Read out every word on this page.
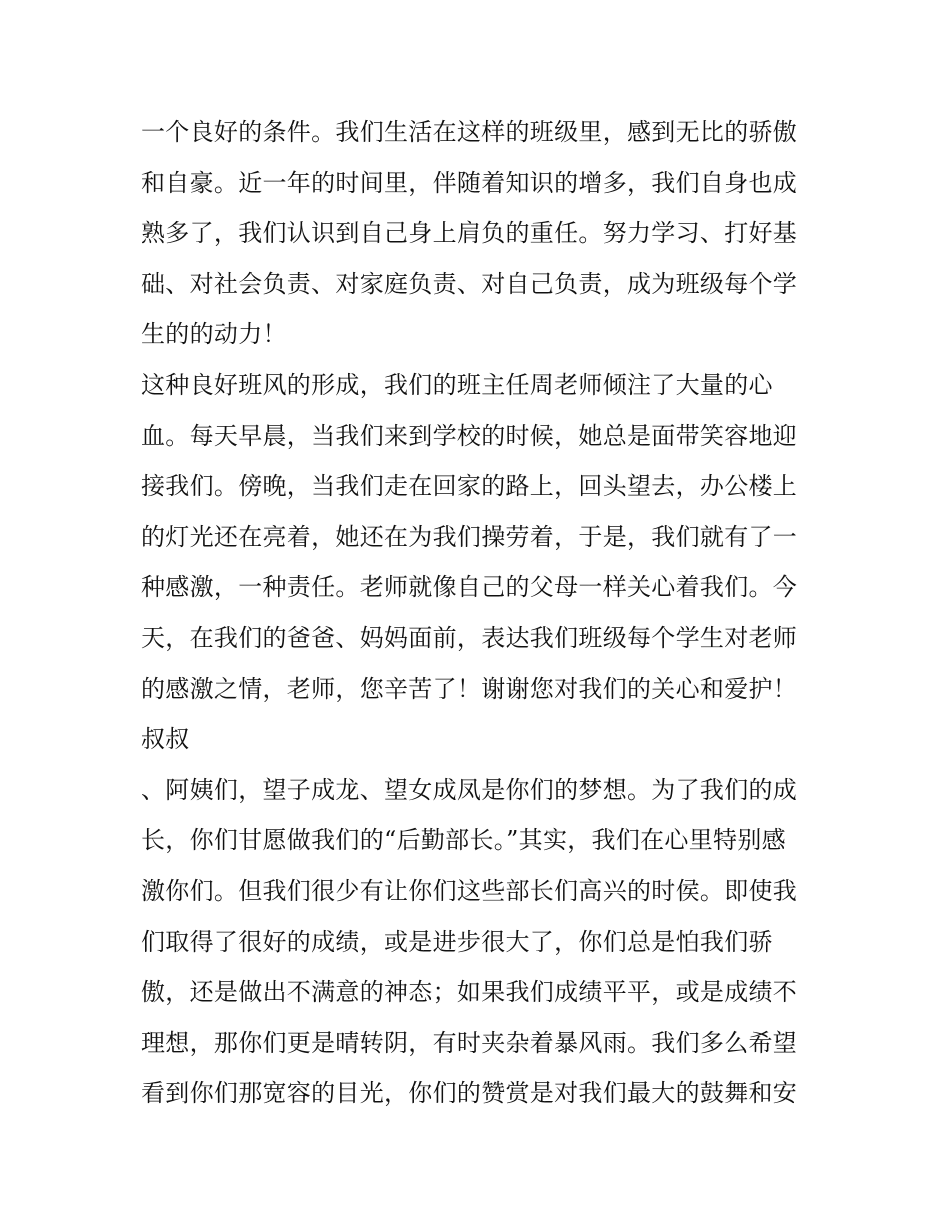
一个良好的条件。我们生活在这样的班级里，感到无比的骄傲
和自豪。近一年的时间里，伴随着知识的增多，我们自身也成
熟多了，我们认识到自己身上肩负的重任。努力学习、打好基
础、对社会负责、对家庭负责、对自己负责，成为班级每个学
生的的动力！
这种良好班风的形成，我们的班主任周老师倾注了大量的心
血。每天早晨，当我们来到学校的时候，她总是面带笑容地迎
接我们。傍晚，当我们走在回家的路上，回头望去，办公楼上
的灯光还在亮着，她还在为我们操劳着，于是，我们就有了一
种感激，一种责任。老师就像自己的父母一样关心着我们。今
天，在我们的爸爸、妈妈面前，表达我们班级每个学生对老师
的感激之情，老师，您辛苦了！谢谢您对我们的关心和爱护！
叔叔
、阿姨们，望子成龙、望女成凤是你们的梦想。为了我们的成
长，你们甘愿做我们的“后勤部长。”其实，我们在心里特别感
激你们。但我们很少有让你们这些部长们高兴的时侯。即使我
们取得了很好的成绩，或是进步很大了，你们总是怕我们骄
傲，还是做出不满意的神态；如果我们成绩平平，或是成绩不
理想，那你们更是晴转阴，有时夹杂着暴风雨。我们多么希望
看到你们那宽容的目光，你们的赞赏是对我们最大的鼓舞和安
